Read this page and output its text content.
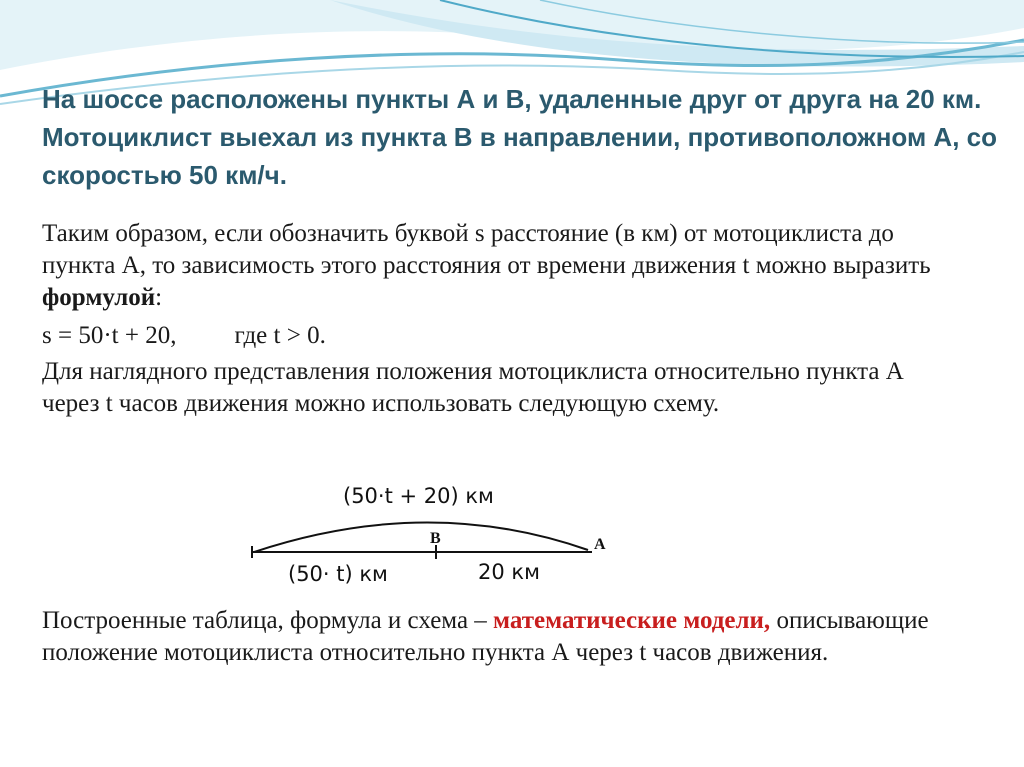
На шоссе расположены пункты А и В, удаленные друг от друга на 20 км. Мотоциклист выехал из пункта В в направлении, противоположном А, со скоростью 50 км/ч.

Таким образом, если обозначить буквой s расстояние (в км) от мотоциклиста до пункта А, то зависимость этого расстояния от времени движения t можно выразить формулой:

s = 50·t + 20, где t > 0.

Для наглядного представления положения мотоциклиста относительно пункта А через t часов движения можно использовать следующую схему.

(50·t + 20) км
B	A
(50· t) км	20 км

Построенные таблица, формула и схема – математические модели, описывающие положение мотоциклиста относительно пункта А через t часов движения.
